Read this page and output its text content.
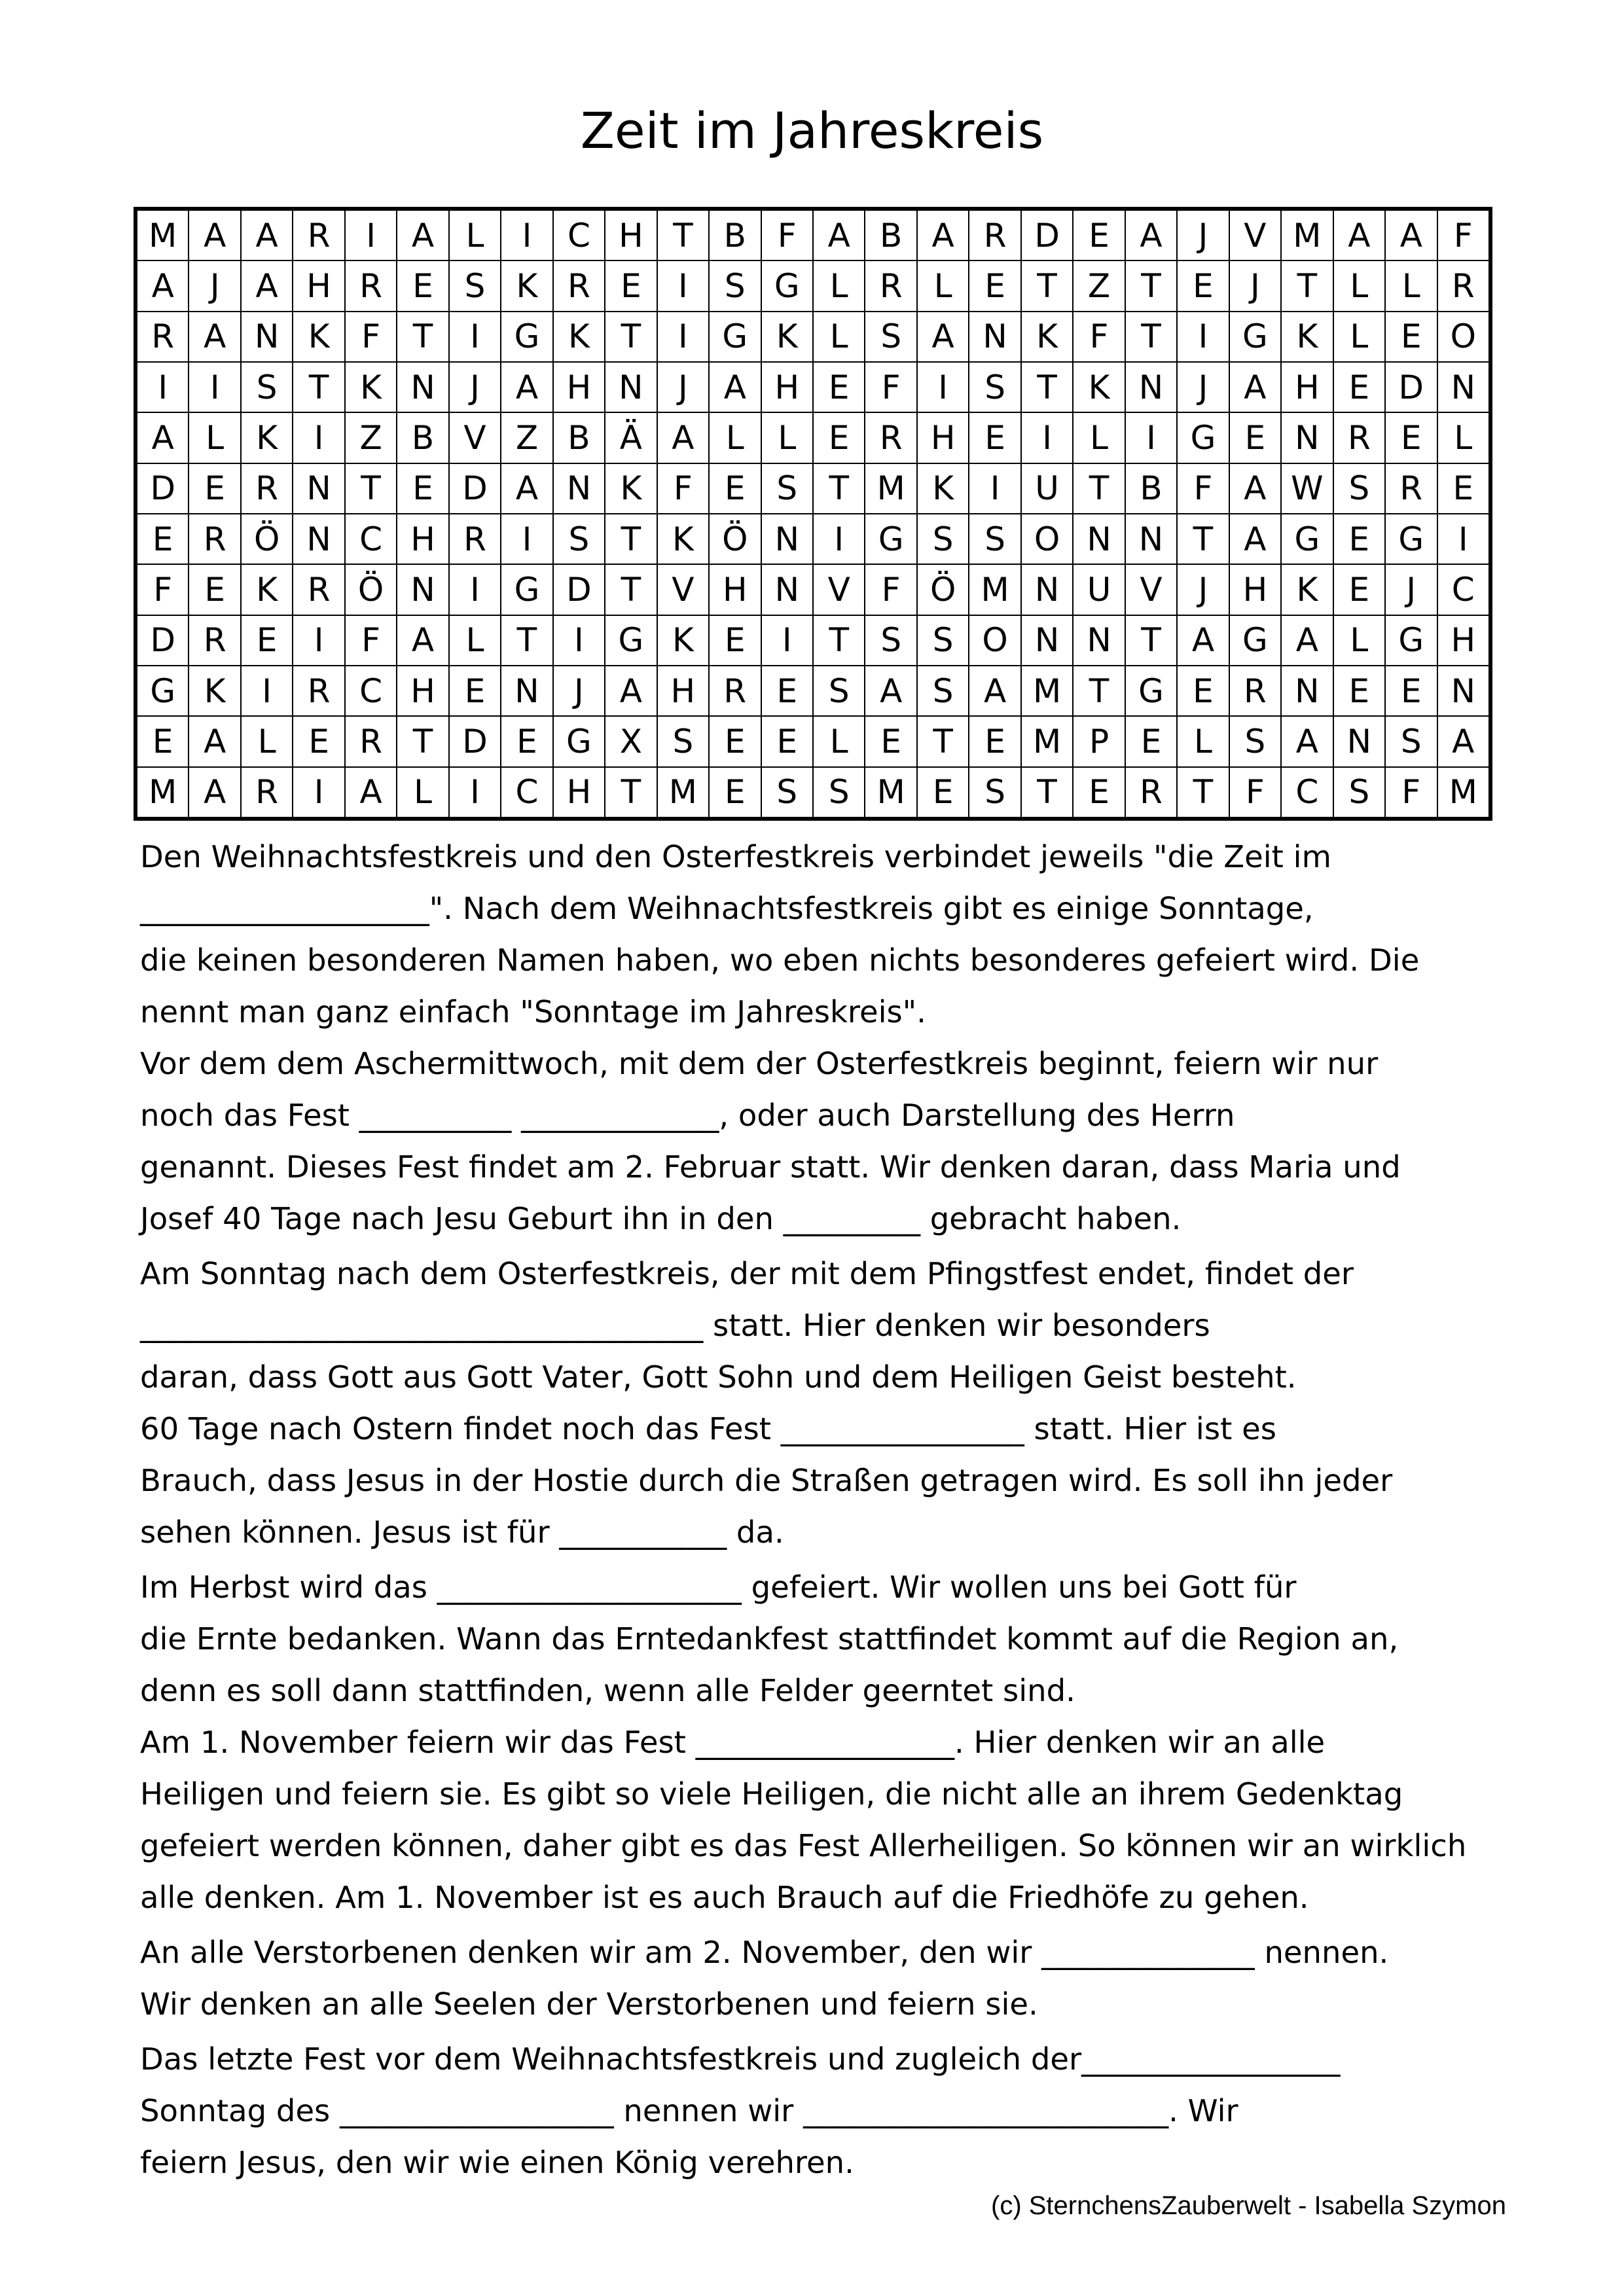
Zeit im Jahreskreis
M A A R	I	A L	I	C H T B F A B A R D E A	J	V M A A F
A	J	A H R E S K R E	I	S G L R L E T Z T E	J	T	L	L R
R A N K F T	I	G K T	I	G K L S A N K F T	I	G K L E O
I	I	S T K N	J	A H N	J	A H E F	I	S T K N	J	A H E D N
A L K	I	Z B V Z B Ä A L	L E R H E	I	L	I	G E N R E L
D E R N T E D A N K F E S T M K	I	U T B F A W S R E
E R Ö N C H R	I	S T K Ö N	I	G S S O N N T A G E G	I
F E K R Ö N	I	G D T V H N V F Ö M N U V	J	H K E	J	C
D R E	I	F A L	T	I	G K E	I	T S S O N N T A G A L G H
G K	I	R C H E N	J	A H R E S A S A M T G E R N E E N
E A L E R T D E G X S E E L E T E M P E L S A N S A
M A R	I	A L	I	C H T M E S S M E S T E R T F C S F M
Den Weihnachtsfestkreis und den Osterfestkreis verbindet jeweils "die Zeit im
___________________". Nach dem Weihnachtsfestkreis gibt es einige Sonntage,
die keinen besonderen Namen haben, wo eben nichts besonderes gefeiert wird. Die
nennt man ganz einfach "Sonntage im Jahreskreis".
Vor dem dem Aschermittwoch, mit dem der Osterfestkreis beginnt, feiern wir nur
noch das Fest __________ _____________, oder auch Darstellung des Herrn
genannt. Dieses Fest findet am 2. Februar statt. Wir denken daran, dass Maria und
Josef 40 Tage nach Jesu Geburt ihn in den _________ gebracht haben.
Am Sonntag nach dem Osterfestkreis, der mit dem Pfingstfest endet, findet der
_____________________________________ statt. Hier denken wir besonders
daran, dass Gott aus Gott Vater, Gott Sohn und dem Heiligen Geist besteht.
60 Tage nach Ostern findet noch das Fest ________________ statt. Hier ist es
Brauch, dass Jesus in der Hostie durch die Straßen getragen wird. Es soll ihn jeder
sehen können. Jesus ist für ___________ da.
Im Herbst wird das ____________________ gefeiert. Wir wollen uns bei Gott für
die Ernte bedanken. Wann das Erntedankfest stattfindet kommt auf die Region an,
denn es soll dann stattfinden, wenn alle Felder geerntet sind.
Am 1. November feiern wir das Fest _________________. Hier denken wir an alle
Heiligen und feiern sie. Es gibt so viele Heiligen, die nicht alle an ihrem Gedenktag
gefeiert werden können, daher gibt es das Fest Allerheiligen. So können wir an wirklich
alle denken. Am 1. November ist es auch Brauch auf die Friedhöfe zu gehen.
An alle Verstorbenen denken wir am 2. November, den wir ______________ nennen.
Wir denken an alle Seelen der Verstorbenen und feiern sie.
Das letzte Fest vor dem Weihnachtsfestkreis und zugleich der_________________
Sonntag des __________________ nennen wir ________________________. Wir
feiern Jesus, den wir wie einen König verehren.
(c) SternchensZauberwelt - Isabella Szymon
